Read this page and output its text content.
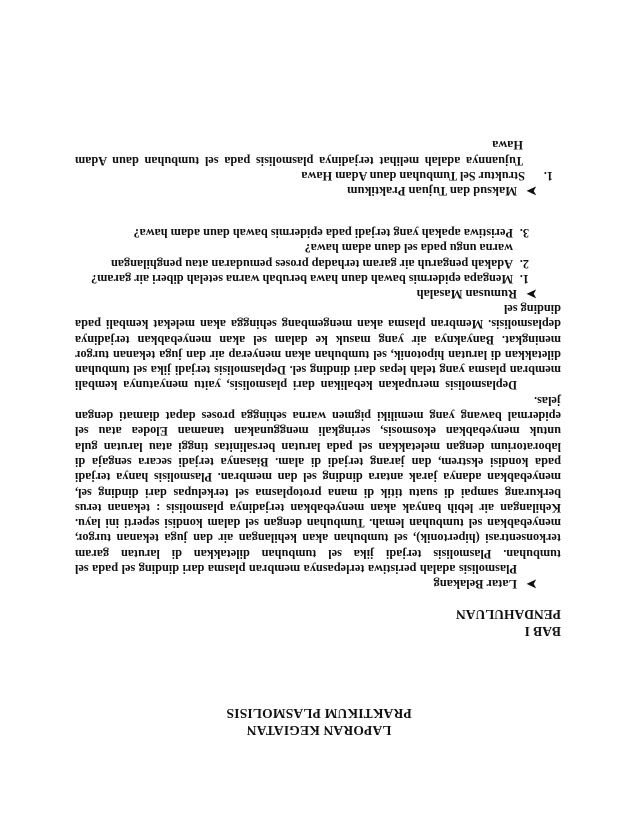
LAPORAN KEGIATAN
PRAKTIKUM PLASMOLISIS
BAB I
PENDAHULUAN
➤
Latar Belakang
Plasmolisis adalah peristiwa terlepasnya membran plasma dari dinding sel pada sel tumbuhan. Plasmolisis terjadi jika sel tumbuhan diletakkan di larutan garam terkonsentrasi (hipertonik), sel tumbuhan akan kehilangan air dan juga tekanan turgor, menyebabkan sel tumbuhan lemah. Tumbuhan dengan sel dalam kondisi seperti ini layu. Kehilangan air lebih banyak akan menyebabkan terjadinya plasmolisis : tekanan terus berkurang sampai di suatu titik di mana protoplasma sel terkelupas dari dinding sel, menyebabkan adanya jarak antara dinding sel dan membran. Plasmolisis hanya terjadi pada kondisi ekstrem, dan jarang terjadi di alam. Biasanya terjadi secara sengaja di laboratorium dengan meletakkan sel pada larutan bersalinitas tinggi atau larutan gula untuk menyebabkan ekosmosis, seringkali menggunakan tanaman Elodea atau sel epidermal bawang yang memiliki pigmen warna sehingga proses dapat diamati dengan jelas.
Deplasmolisis merupakan kebalikan dari plasmolisis, yaitu menyatunya kembali membran plasma yang telah lepas dari dinding sel. Deplasmolisis terjadi jika sel tumbuhan diletakkan di larutan hipotonik, sel tumbuhan akan menyerap air dan juga tekanan turgor meningkat. Banyaknya air yang masuk ke dalam sel akan menyebabkan terjadinya deplasmolisis. Membran plasma akan mengembang sehingga akan melekat kembali pada dinding sel
➤
Rumusan Masalah
1.
Mengapa epidermis bawah daun hawa berubah warna setelah diberi air garam?
2.
Adakah pengaruh air garam terhadap proses pemudaran atau penghilangan warna ungu pada sel daun adam hawa?
3.
Peristiwa apakah yang terjadi pada epidermis bawah daun adam hawa?
➤
Maksud dan Tujuan Praktikum
1.
Struktur Sel Tumbuhan daun Adam Hawa
Tujuannya adalah melihat terjadinya plasmolisis pada sel tumbuhan daun Adam Hawa
